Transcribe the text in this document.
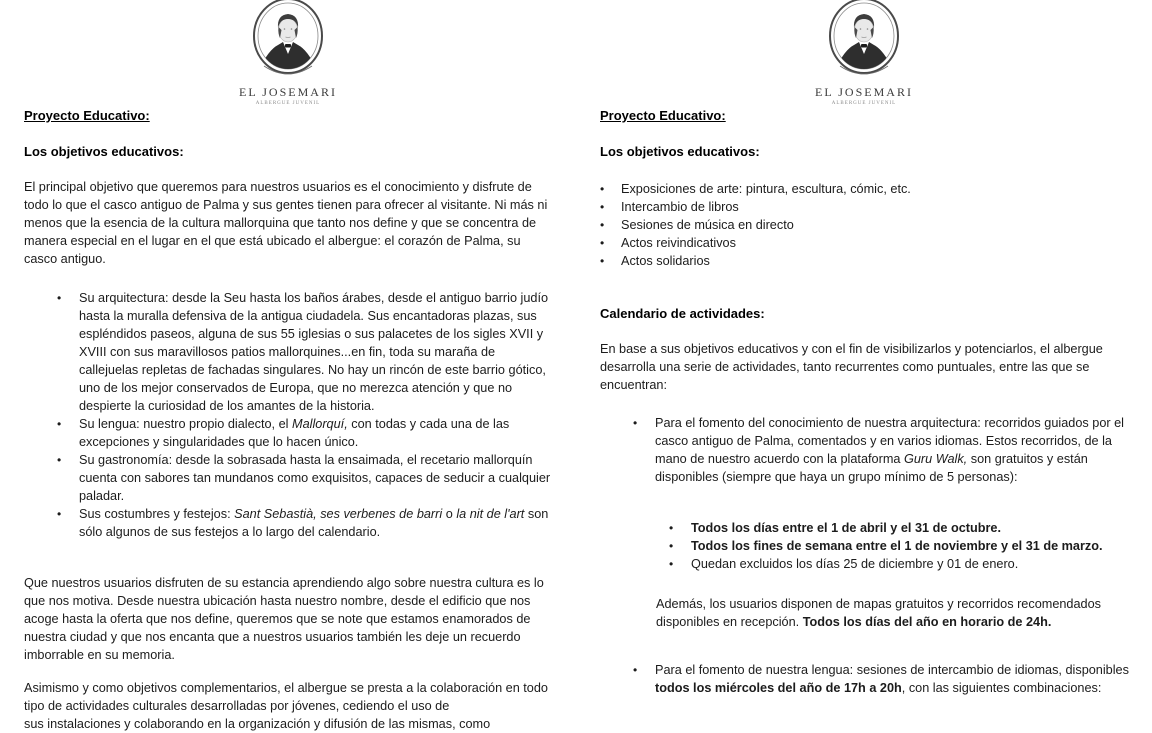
EL JOSEMARI
ALBERGUE JUVENIL
Proyecto Educativo:
Los objetivos educativos:
El principal objetivo que queremos para nuestros usuarios es el conocimiento y disfrute de todo lo que el casco antiguo de Palma y sus gentes tienen para ofrecer al visitante. Ni más ni menos que la esencia de la cultura mallorquina que tanto nos define y que se concentra de manera especial en el lugar en el que está ubicado el albergue: el corazón de Palma, su casco antiguo.
• Su arquitectura: desde la Seu hasta los baños árabes, desde el antiguo barrio judío hasta la muralla defensiva de la antigua ciudadela. Sus encantadoras plazas, sus espléndidos paseos, alguna de sus 55 iglesias o sus palacetes de los sigles XVII y XVIII con sus maravillosos patios mallorquines...en fin, toda su maraña de callejuelas repletas de fachadas singulares. No hay un rincón de este barrio gótico, uno de los mejor conservados de Europa, que no merezca atención y que no despierte la curiosidad de los amantes de la historia.
• Su lengua: nuestro propio dialecto, el Mallorquí, con todas y cada una de las excepciones y singularidades que lo hacen único.
• Su gastronomía: desde la sobrasada hasta la ensaimada, el recetario mallorquín cuenta con sabores tan mundanos como exquisitos, capaces de seducir a cualquier paladar.
• Sus costumbres y festejos: Sant Sebastià, ses verbenes de barri o la nit de l'art son sólo algunos de sus festejos a lo largo del calendario.
Que nuestros usuarios disfruten de su estancia aprendiendo algo sobre nuestra cultura es lo que nos motiva. Desde nuestra ubicación hasta nuestro nombre, desde el edificio que nos acoge hasta la oferta que nos define, queremos que se note que estamos enamorados de nuestra ciudad y que nos encanta que a nuestros usuarios también les deje un recuerdo imborrable en su memoria.
Asimismo y como objetivos complementarios, el albergue se presta a la colaboración en todo tipo de actividades culturales desarrolladas por jóvenes, cediendo el uso de
sus instalaciones y colaborando en la organización y difusión de las mismas, como
EL JOSEMARI
ALBERGUE JUVENIL
Proyecto Educativo:
Los objetivos educativos:
• Exposiciones de arte: pintura, escultura, cómic, etc.
• Intercambio de libros
• Sesiones de música en directo
• Actos reivindicativos
• Actos solidarios
Calendario de actividades:
En base a sus objetivos educativos y con el fin de visibilizarlos y potenciarlos, el albergue desarrolla una serie de actividades, tanto recurrentes como puntuales, entre las que se encuentran:
• Para el fomento del conocimiento de nuestra arquitectura: recorridos guiados por el casco antiguo de Palma, comentados y en varios idiomas. Estos recorridos, de la mano de nuestro acuerdo con la plataforma Guru Walk, son gratuitos y están disponibles (siempre que haya un grupo mínimo de 5 personas):
• Todos los días entre el 1 de abril y el 31 de octubre.
• Todos los fines de semana entre el 1 de noviembre y el 31 de marzo.
• Quedan excluidos los días 25 de diciembre y 01 de enero.
Además, los usuarios disponen de mapas gratuitos y recorridos recomendados disponibles en recepción. Todos los días del año en horario de 24h.
• Para el fomento de nuestra lengua: sesiones de intercambio de idiomas, disponibles todos los miércoles del año de 17h a 20h, con las siguientes combinaciones:
